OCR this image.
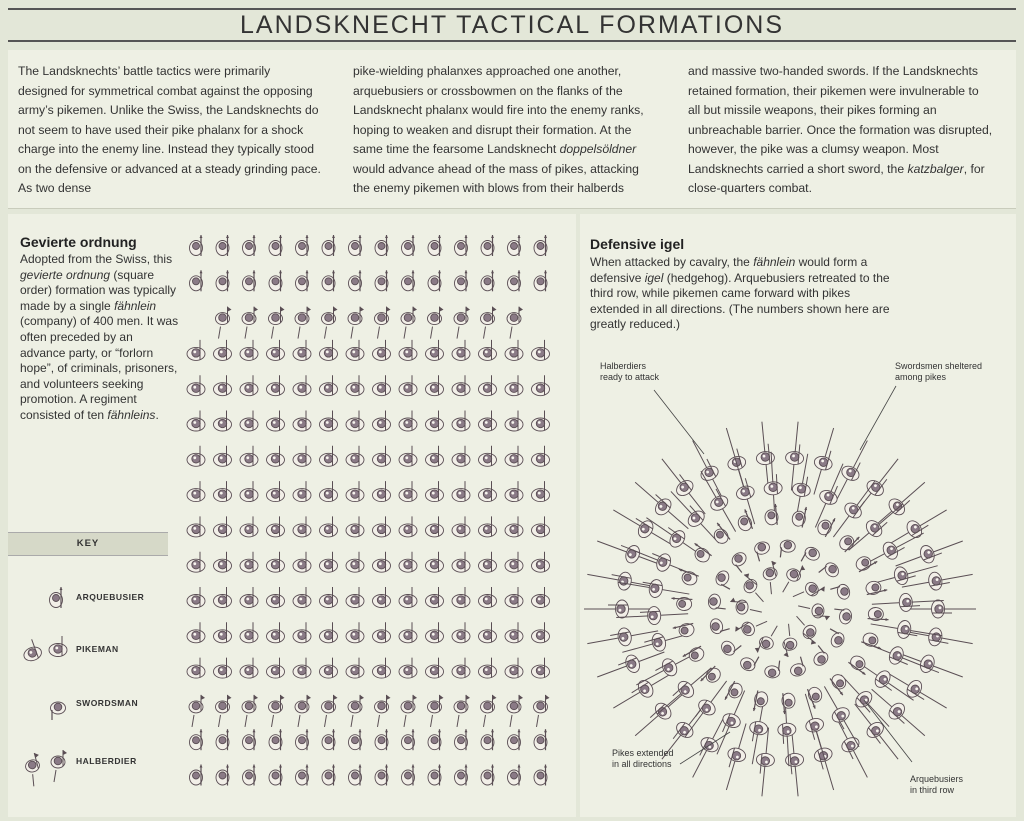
LANDSKNECHT TACTICAL FORMATIONS
The Landsknechts’ battle tactics were primarily designed for symmetrical combat against the opposing army’s pikemen. Unlike the Swiss, the Landsknechts do not seem to have used their pike phalanx for a shock charge into the enemy line. Instead they typically stood on the defensive or advanced at a steady grinding pace. As two dense
pike-wielding phalanxes approached one another, arquebusiers or crossbowmen on the flanks of the Landsknecht phalanx would fire into the enemy ranks, hoping to weaken and disrupt their formation. At the same time the fearsome Landsknecht doppelsöldner would advance ahead of the mass of pikes, attacking the enemy pikemen with blows from their halberds
and massive two-handed swords. If the Landsknechts retained formation, their pikemen were invulnerable to all but missile weapons, their pikes forming an unbreachable barrier. Once the formation was disrupted, however, the pike was a clumsy weapon. Most Landsknechts carried a short sword, the katzbalger, for close-quarters combat.
Gevierte ordnung
Adopted from the Swiss, this gevierte ordnung (square order) formation was typically made by a single fähnlein (company) of 400 men. It was often preceded by an advance party, or “forlorn hope”, of criminals, prisoners, and volunteers seeking promotion. A regiment consisted of ten fähnleins.
KEY
ARQUEBUSIER
PIKEMAN
SWORDSMAN
HALBERDIER
Defensive igel
When attacked by cavalry, the fähnlein would form a defensive igel (hedgehog). Arquebusiers retreated to the third row, while pikemen came forward with pikes extended in all directions. (The numbers shown here are greatly reduced.)
Halberdiers
ready to attack
Swordsmen sheltered
among pikes
Pikes extended
in all directions
Arquebusiers
in third row
